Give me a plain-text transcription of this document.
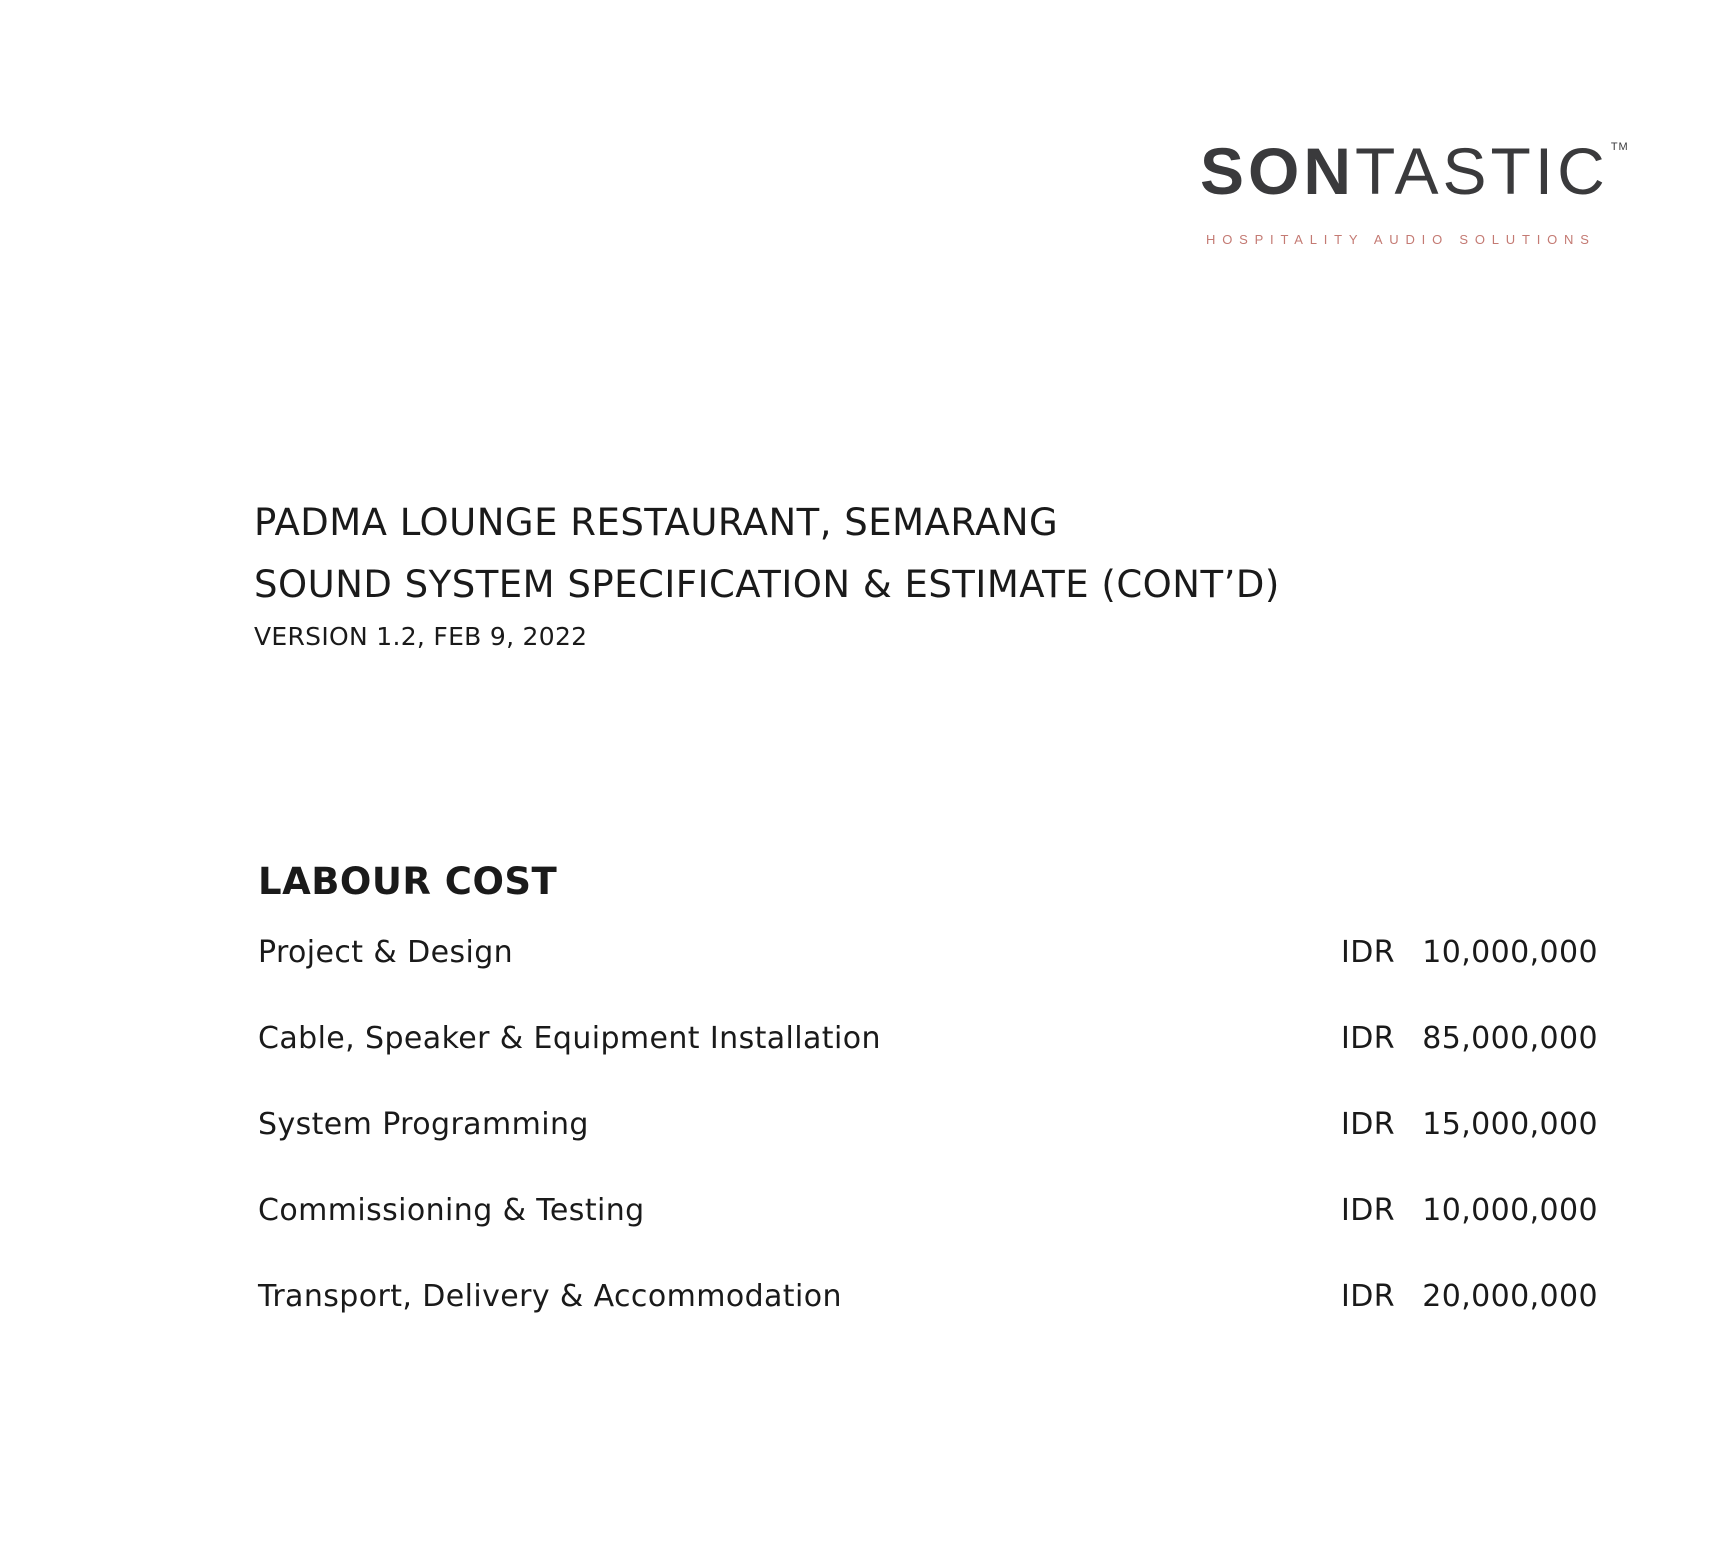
SONTASTIC ™
HOSPITALITY AUDIO SOLUTIONS
PADMA LOUNGE RESTAURANT, SEMARANG
SOUND SYSTEM SPECIFICATION & ESTIMATE (CONT’D)
VERSION 1.2, FEB 9, 2022
LABOUR COST
Project & Design	IDR 10,000,000
Cable, Speaker & Equipment Installation	IDR 85,000,000
System Programming	IDR 15,000,000
Commissioning & Testing	IDR 10,000,000
Transport, Delivery & Accommodation	IDR 20,000,000
